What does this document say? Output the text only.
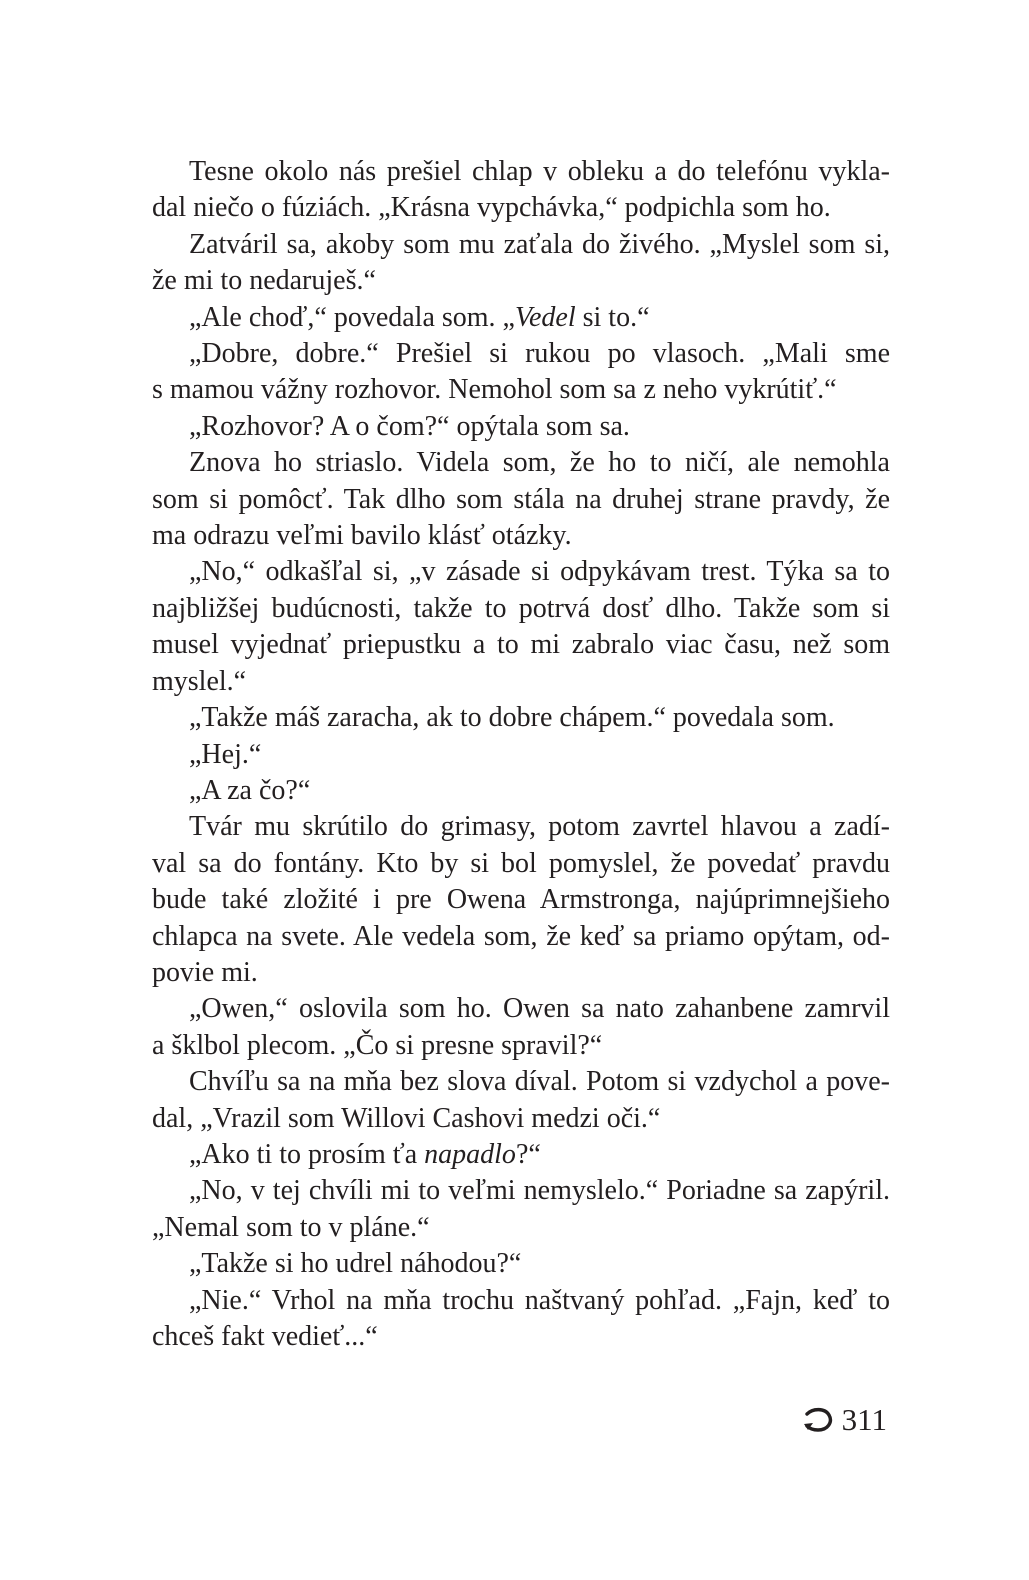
Tesne okolo nás prešiel chlap v obleku a do telefónu vykla-
dal niečo o fúziách. „Krásna vypchávka,“ podpichla som ho.

Zatváril sa, akoby som mu zaťala do živého. „Myslel som si,
že mi to nedaruješ.“

„Ale choď,“ povedala som. „Vedel si to.“

„Dobre, dobre.“ Prešiel si rukou po vlasoch. „Mali sme
s mamou vážny rozhovor. Nemohol som sa z neho vykrútiť.“

„Rozhovor? A o čom?“ opýtala som sa.

Znova ho striaslo. Videla som, že ho to ničí, ale nemohla
som si pomôcť. Tak dlho som stála na druhej strane pravdy, že
ma odrazu veľmi bavilo klásť otázky.

„No,“ odkašľal si, „v zásade si odpykávam trest. Týka sa to
najbližšej budúcnosti, takže to potrvá dosť dlho. Takže som si
musel vyjednať priepustku a to mi zabralo viac času, než som
myslel.“

„Takže máš zaracha, ak to dobre chápem.“ povedala som.

„Hej.“

„A za čo?“

Tvár mu skrútilo do grimasy, potom zavrtel hlavou a zadí-
val sa do fontány. Kto by si bol pomyslel, že povedať pravdu
bude také zložité i pre Owena Armstronga, najúprimnejšieho
chlapca na svete. Ale vedela som, že keď sa priamo opýtam, od-
povie mi.

„Owen,“ oslovila som ho. Owen sa nato zahanbene zamrvil
a šklbol plecom. „Čo si presne spravil?“

Chvíľu sa na mňa bez slova díval. Potom si vzdychol a pove-
dal, „Vrazil som Willovi Cashovi medzi oči.“

„Ako ti to prosím ťa napadlo?“

„No, v tej chvíli mi to veľmi nemyslelo.“ Poriadne sa zapýril.
„Nemal som to v pláne.“

„Takže si ho udrel náhodou?“

„Nie.“ Vrhol na mňa trochu naštvaný pohľad. „Fajn, keď to
chceš fakt vedieť...“

311
